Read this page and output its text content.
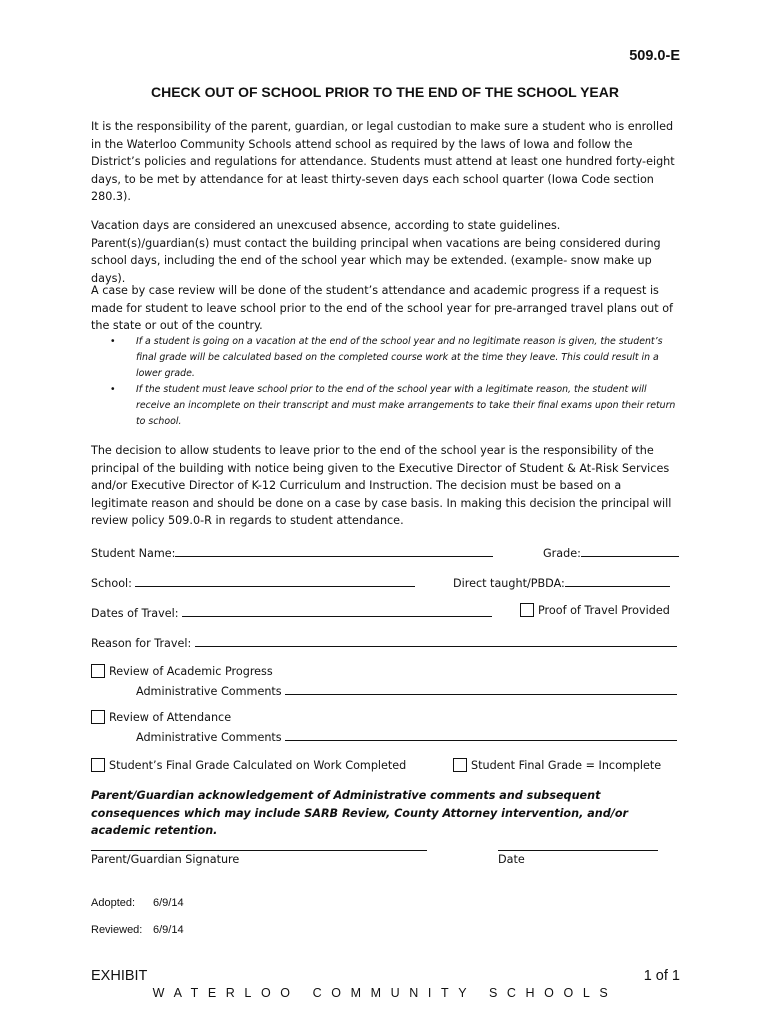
509.0-E
CHECK OUT OF SCHOOL PRIOR TO THE END OF THE SCHOOL YEAR
It is the responsibility of the parent, guardian, or legal custodian to make sure a student who is enrolled in the Waterloo Community Schools attend school as required by the laws of Iowa and follow the District’s policies and regulations for attendance. Students must attend at least one hundred forty-eight days, to be met by attendance for at least thirty-seven days each school quarter (Iowa Code section 280.3).
Vacation days are considered an unexcused absence, according to state guidelines. Parent(s)/guardian(s) must contact the building principal when vacations are being considered during school days, including the end of the school year which may be extended. (example- snow make up days).
A case by case review will be done of the student’s attendance and academic progress if a request is made for student to leave school prior to the end of the school year for pre-arranged travel plans out of the state or out of the country.
• If a student is going on a vacation at the end of the school year and no legitimate reason is given, the student’s final grade will be calculated based on the completed course work at the time they leave. This could result in a lower grade.
• If the student must leave school prior to the end of the school year with a legitimate reason, the student will receive an incomplete on their transcript and must make arrangements to take their final exams upon their return to school.
The decision to allow students to leave prior to the end of the school year is the responsibility of the principal of the building with notice being given to the Executive Director of Student & At-Risk Services and/or Executive Director of K-12 Curriculum and Instruction. The decision must be based on a legitimate reason and should be done on a case by case basis. In making this decision the principal will review policy 509.0-R in regards to student attendance.
Student Name:	Grade:
School:	Direct taught/PBDA:
Dates of Travel:	Proof of Travel Provided
Reason for Travel:
Review of Academic Progress
Administrative Comments
Review of Attendance
Administrative Comments
Student’s Final Grade Calculated on Work Completed	Student Final Grade = Incomplete
Parent/Guardian acknowledgement of Administrative comments and subsequent consequences which may include SARB Review, County Attorney intervention, and/or academic retention.
Parent/Guardian Signature	Date
Adopted: 6/9/14
Reviewed: 6/9/14
EXHIBIT	1 of 1
WATERLOO COMMUNITY SCHOOLS
